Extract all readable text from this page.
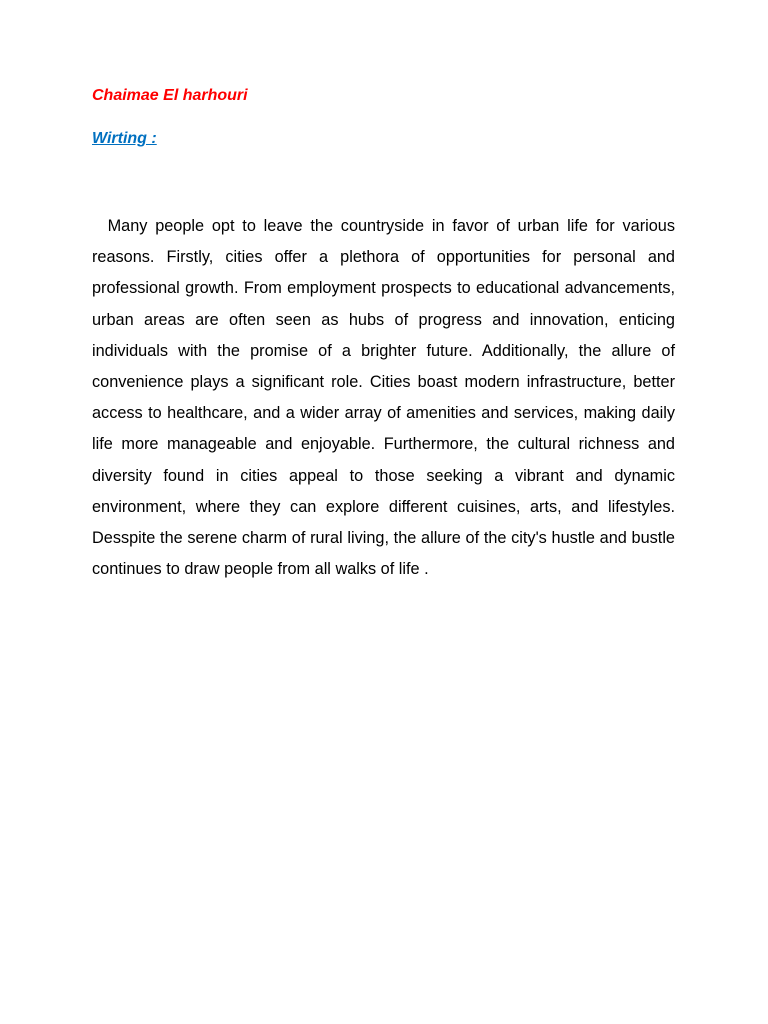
Chaimae El harhouri
Wirting :

Many people opt to leave the countryside in favor of urban life for various reasons. Firstly, cities offer a plethora of opportunities for personal and professional growth. From employment prospects to educational advancements, urban areas are often seen as hubs of progress and innovation, enticing individuals with the promise of a brighter future. Additionally, the allure of convenience plays a significant role. Cities boast modern infrastructure, better access to healthcare, and a wider array of amenities and services, making daily life more manageable and enjoyable. Furthermore, the cultural richness and diversity found in cities appeal to those seeking a vibrant and dynamic environment, where they can explore different cuisines, arts, and lifestyles. Desspite the serene charm of rural living, the allure of the city's hustle and bustle continues to draw people from all walks of life .
